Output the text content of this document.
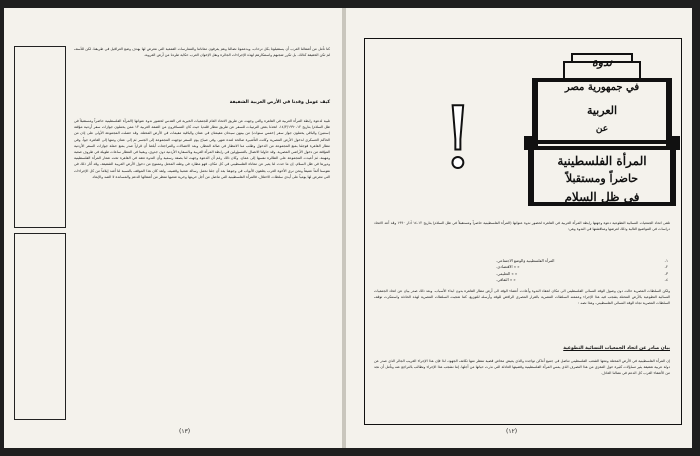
كنا نأمل من أشقائنا العرب أن يستقبلونا بكل ترحاب، ويدعمونا نضالنا وهم يعرفون معاناتنا والممارسات القمعية التي نتعرض لها بهدف وضع العراقيل في طريقنا، لكن للأسف لم تكن الحقيقة كذلك، بل تكرر شجبهم واستنكارهم لهذه الإجراءات الجائرة ونقل الإخوان العرب حكاية طردنا من أرض العروبة.

كيف عومل وفدنا في الأرض العربية الشقيقة

تلبية لدعوة رابطة المرأة العربية في القاهرة والتي وجهت عن طريق الاتحاد العام للجمعيات الخيرية في القدس لحضور ندوة عنوانها (المرأة الفلسطينية حاضراً ومستقبلاً في ظل السلام) بتاريخ ١٢-١٤/٣/١٩٩٠، اتخذنا بعض الترتيبات للسفر عن طريق مطار قلنديا حيث كان المسافرون من الضفة الغربية ١٣ ممن يحملون جوازات سفر أردنية مؤقتة (سنتين) والباقي يحملون جواز سفر (خمس سنوات) من بينهن سيدتان مقيمتان في عمان والباقية مقيمات في الأرض المحتلة. وقد حصلت المجموعة الأولى على إذن من الحاكم العسكري لدخول الأرض المصرية وكانت التأشيرة صالحة لمدة شهر. وفي صباح يوم السفر توجهت المجموعة إلى الجسر ثم إلى عمان ومنها إلى القاهرة جواً. وفي مطار القاهرة فوجئنا بمنع المجموعة من الدخول وطلب منا الانتظار في صالة المطار، وبعد الاتصالات والمراجعات أبلغنا أن قراراً صدر بمنع حملة جوازات السفر الأردنية المؤقتة من دخول الأراضي المصرية. وقد حاولنا الاتصال بالمسؤولين في رابطة المرأة العربية وبالسفارة الأردنية دون جدوى، وبقينا في المطار ساعات طويلة في ظروف صعبة ومهينة، ثم أعيدت المجموعة على الطائرة نفسها إلى عمان. وكان ذلك رغم أن الدعوة وجهت لنا بصفة رسمية وأن الندوة تعقد في القاهرة تحت شعار المرأة الفلسطينية ودورها في ظل السلام. إن ما حدث لنا يعبر عن معاناة الفلسطيني في كل مكان، فهو مطارد في وطنه المحتل وممنوع من دخول الأرض العربية الشقيقة، وقد أثار ذلك في نفوسنا ألماً عميقاً ونحن نرى الأخوة العرب يغلقون الأبواب في وجوهنا بعد أن جئنا نحمل رسالة شعبنا وقضيته. ولقد كان هذا الموقف بالنسبة لنا أشد إيلاماً من كل الإجراءات التي نتعرض لها يومياً على أيدي سلطات الاحتلال، فالمرأة الفلسطينية التي تناضل من أجل حريتها وحرية شعبها تنتظر من أشقائها الدعم والمساندة لا الصد والإبعاد.

(١٣)
!
ندوة
في جمهورية مصر
العربية
عن
المرأة الفلسطينية
حاضراً ومستقبلاً
في ظل السلام

تلقى اتحاد الجمعيات النسائية التطوعية دعوة وجهتها رابطة المرأة العربية في القاهرة لحضور ندوة عنوانها (المرأة الفلسطينية حاضراً ومستقبلاً في ظل السلام) بتاريخ ١٢-١٤ آذار ١٩٩٠ وقد أعد الاتحاد دراسات في المواضيع التالية وذلك لعرضها ومناقشتها في الندوة وهي:

١-
المرأة الفلسطينية والوضع الاجتماعي.
٢-
« » الاقتصادي.
٣-
« » التعليمي.
٤-
« » الثقافي.

ولكن السلطات المصرية حالت دون وصول الوفد النسائي الفلسطيني الى مكان انعقاد الندوة وأعادت أعضاء الوفد الى أرض مطار القاهرة بدون ابداء الأسباب. وبعد ذلك صدر بيان عن اتحاد الجمعيات النسائية التطوعية بالأرض المحتلة يشجب فيه هذا الإجراء وعممته السلطات المصرية بالقرار المصري الرافض للوفد وأرسله للتوزيع، كما شجبت السلطات المصرية لهذه الحادثة واستنكرت توقف السلطات المصرية تجاه الوفد النسائي الفلسطيني، وهذا نصه :

بيان صادر عن اتحاد الجمعيات النسائية التطوعية

إن المرأة الفلسطينية في الأرض المحتلة ومعها الشعب الفلسطيني تناضل في جميع أماكن تواجده والذي يعيش مخاض قضية تنتظر منها تكاتف الجهود، لذا فإن هذا الإجراء الغريب الجائر الذي صدر عن دولة عربية شقيقة يثير تساؤلات كثيرة حول المغزى من هذا التصرف الذي يمس المرأة الفلسطينية وقضيتها العادلة التي نذرت حياتها من أجلها. إننا نشجب هذا الإجراء ونطالب بالتراجع عنه ونأمل أن نجد من الأشقاء العرب كل الدعم في نضالنا العادل.

(١٢)
